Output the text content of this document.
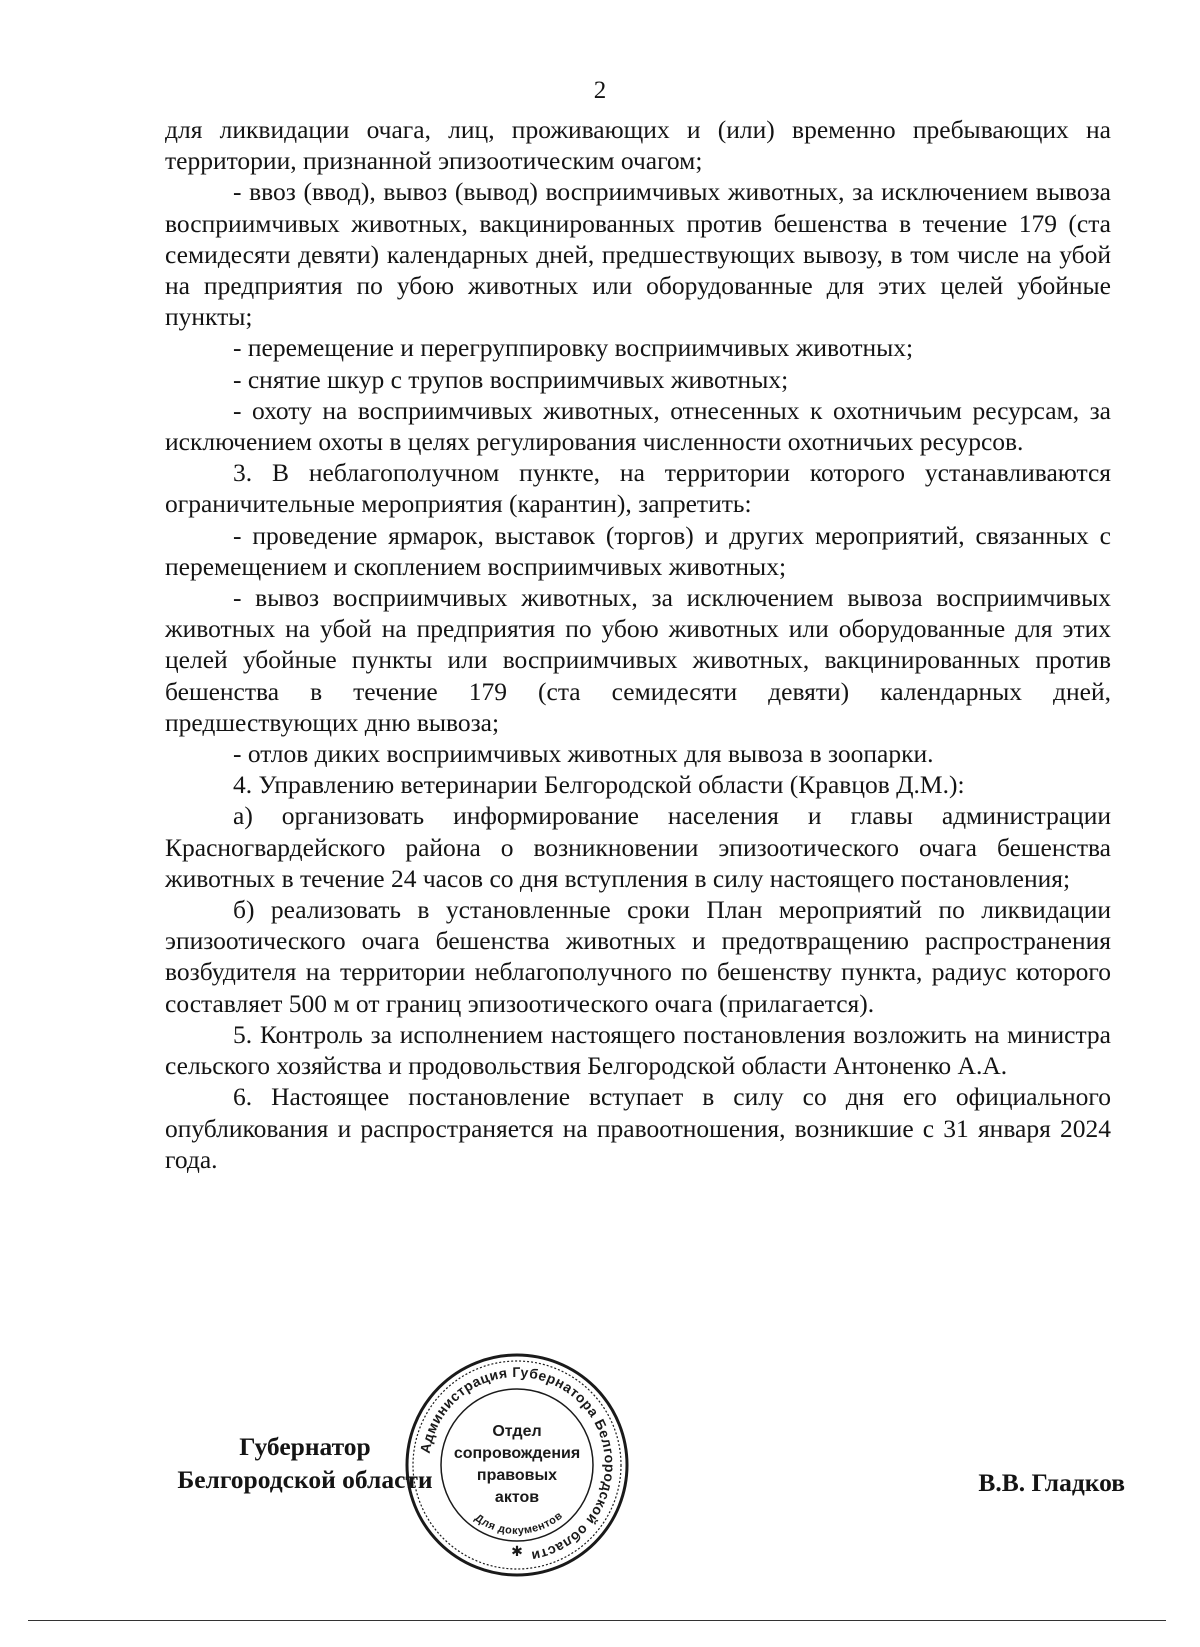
2

для ликвидации очага, лиц, проживающих и (или) временно пребывающих на территории, признанной эпизоотическим очагом;

- ввоз (ввод), вывоз (вывод) восприимчивых животных, за исключением вывоза восприимчивых животных, вакцинированных против бешенства в течение 179 (ста семидесяти девяти) календарных дней, предшествующих вывозу, в том числе на убой на предприятия по убою животных или оборудованные для этих целей убойные пункты;

- перемещение и перегруппировку восприимчивых животных;

- снятие шкур с трупов восприимчивых животных;

- охоту на восприимчивых животных, отнесенных к охотничьим ресурсам, за исключением охоты в целях регулирования численности охотничьих ресурсов.

3. В неблагополучном пункте, на территории которого устанавливаются ограничительные мероприятия (карантин), запретить:

- проведение ярмарок, выставок (торгов) и других мероприятий, связанных с перемещением и скоплением восприимчивых животных;

- вывоз восприимчивых животных, за исключением вывоза восприимчивых животных на убой на предприятия по убою животных или оборудованные для этих целей убойные пункты или восприимчивых животных, вакцинированных против бешенства в течение 179 (ста семидесяти девяти) календарных дней, предшествующих дню вывоза;

- отлов диких восприимчивых животных для вывоза в зоопарки.

4. Управлению ветеринарии Белгородской области (Кравцов Д.М.):

а) организовать информирование населения и главы администрации Красногвардейского района о возникновении эпизоотического очага бешенства животных в течение 24 часов со дня вступления в силу настоящего постановления;

б) реализовать в установленные сроки План мероприятий по ликвидации эпизоотического очага бешенства животных и предотвращению распространения возбудителя на территории неблагополучного по бешенству пункта, радиус которого составляет 500 м от границ эпизоотического очага (прилагается).

5. Контроль за исполнением настоящего постановления возложить на министра сельского хозяйства и продовольствия Белгородской области Антоненко А.А.

6. Настоящее постановление вступает в силу со дня его официального опубликования и распространяется на правоотношения, возникшие с 31 января 2024 года.

Губернатор
Белгородской области
Администрация Губернатора Белгородской области
Для документов
Отдел
сопровождения
правовых
актов
✱
В.В. Гладков
